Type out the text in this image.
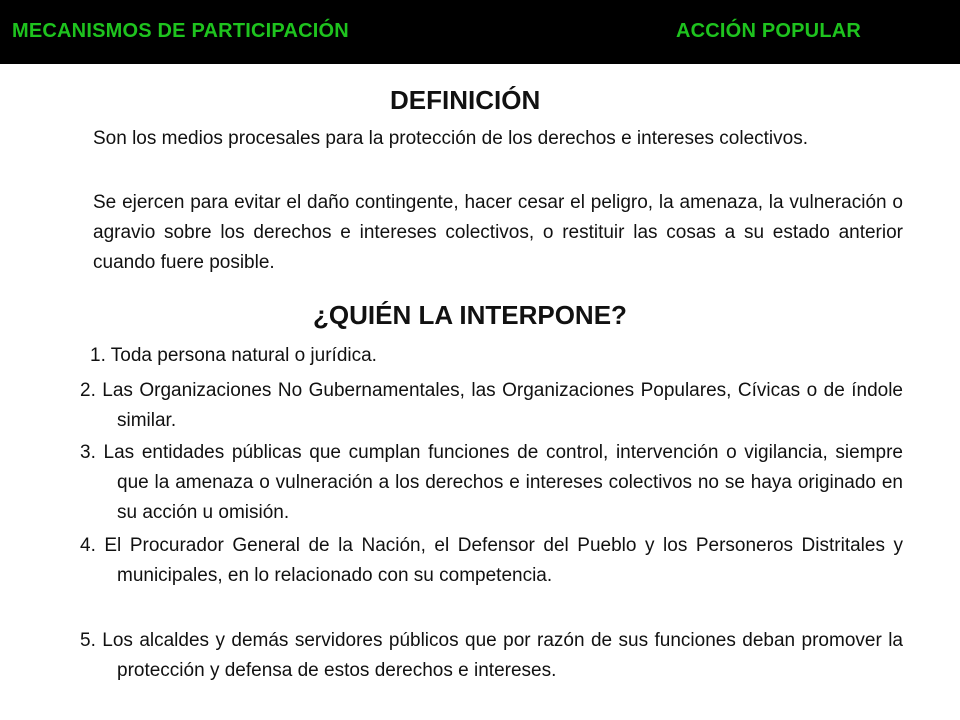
MECANISMOS DE PARTICIPACIÓN	ACCIÓN POPULAR
DEFINICIÓN
Son los medios procesales para la protección de los derechos e intereses colectivos.
Se ejercen para evitar el daño contingente, hacer cesar el peligro, la amenaza, la vulneración o agravio sobre los derechos e intereses colectivos, o restituir las cosas a su estado anterior cuando fuere posible.
¿QUIÉN LA INTERPONE?
1. Toda persona natural o jurídica.
2. Las Organizaciones No Gubernamentales, las Organizaciones Populares, Cívicas o de índole similar.
3. Las entidades públicas que cumplan funciones de control, intervención o vigilancia, siempre que la amenaza o vulneración a los derechos e intereses colectivos no se haya originado en su acción u omisión.
4. El Procurador General de la Nación, el Defensor del Pueblo y los Personeros Distritales y municipales, en lo relacionado con su competencia.
5. Los alcaldes y demás servidores públicos que por razón de sus funciones deban promover la protección y defensa de estos derechos e intereses.
